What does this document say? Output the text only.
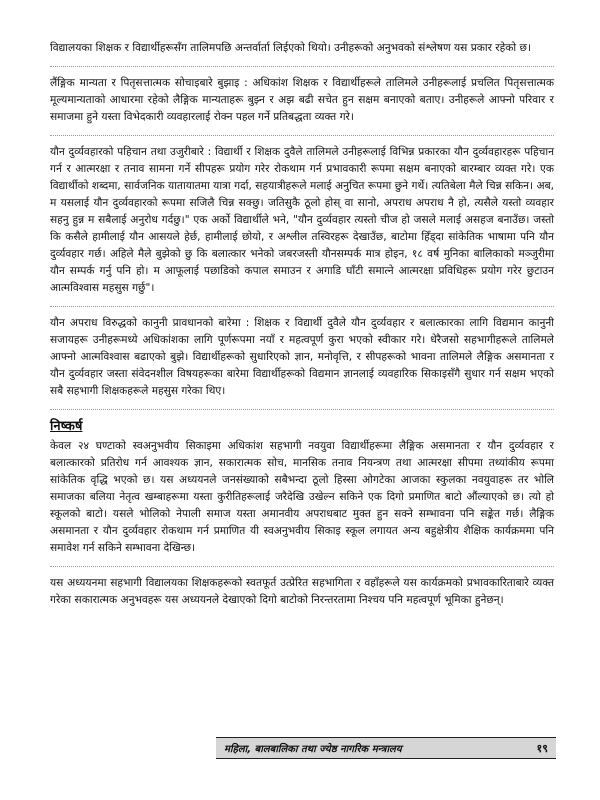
विद्यालयका शिक्षक र विद्यार्थीहरूसँग तालिमपछि अन्तर्वार्ता लिईएको थियो। उनीहरूको अनुभवको संश्लेषण यस प्रकार रहेको छ।

लैंङ्गिक मान्यता र पितृसत्तात्मक सोचाइबारे बुझाइ : अधिकांश शिक्षक र विद्यार्थीहरूले तालिमले उनीहरूलाई प्रचलित पितृसत्तात्मक मूल्यमान्यताको आधारमा रहेको लैङ्गिक मान्यताहरू बुझ्न र अझ बढी सचेत हुन सक्षम बनाएको बताए। उनीहरूले आफ्नो परिवार र समाजमा हुने यस्ता विभेदकारी व्यवहारलाई रोक्न पहल गर्ने प्रतिबद्धता व्यक्त गरे।

यौन दुर्व्यवहारको पहिचान तथा उजुरीबारे : विद्यार्थी र शिक्षक दुवैले तालिमले उनीहरूलाई विभिन्न प्रकारका यौन दुर्व्यवहारहरू पहिचान गर्न र आत्मरक्षा र तनाव सामना गर्ने सीपहरू प्रयोग गरेर रोकथाम गर्न प्रभावकारी रूपमा सक्षम बनाएको बारम्बार व्यक्त गरे। एक विद्यार्थीको शब्दमा, सार्वजनिक यातायातमा यात्रा गर्दा, सहयात्रीहरूले मलाई अनुचित रूपमा छुने गर्थे। त्यतिबेला मैले चिन्न सकिन। अब, म यसलाई यौन दुर्व्यवहारको रूपमा सजिलै चिन्न सक्छु। जतिसुकै ठूलो होस् वा सानो, अपराध अपराध नै हो, त्यसैले यस्तो व्यवहार सहनु हुन्न म सबैलाई अनुरोध गर्दछु।" एक अर्को विद्यार्थीले भने, "यौन दुर्व्यवहार त्यस्तो चीज हो जसले मलाई असहज बनाउँछ। जस्तो कि कसैले हामीलाई यौन आसयले हेर्छ, हामीलाई छोयो, र अश्लील तस्विरहरू देखाउँछ, बाटोमा हिँड्दा सांकेतिक भाषामा पनि यौन दुर्व्यवहार गर्छ। अहिले मैले बुझेको छु कि बलात्कार भनेको जबरजस्ती यौनसम्पर्क मात्र होइन, १८ वर्ष मुनिका बालिकाको मञ्जुरीमा यौन सम्पर्क गर्नु पनि हो। म आफूलाई पछाडिको कपाल समाउन र अगाडि घाँटी समात्ने आत्मरक्षा प्रविधिहरू प्रयोग गरेर छुटाउन आत्मविश्वास महसुस गर्छु"।

यौन अपराध विरुद्धको कानुनी प्रावधानको बारेमा : शिक्षक र विद्यार्थी दुवैले यौन दुर्व्यवहार र बलात्कारका लागि विद्यमान कानुनी सजायहरू उनीहरूमध्ये अधिकांशका लागि पूर्णरूपमा नयाँ र महत्वपूर्ण कुरा भएको स्वीकार गरे। धेरैजसो सहभागीहरूले तालिमले आफ्नो आत्मविश्वास बढाएको बुझे। विद्यार्थीहरूको सुधारिएको ज्ञान, मनोवृत्ति, र सीपहरूको भावना तालिमले लैङ्गिक असमानता र यौन दुर्व्यवहार जस्ता संवेदनशील विषयहरूका बारेमा विद्यार्थीहरूको विद्यमान ज्ञानलाई व्यवहारिक सिकाइसँगै सुधार गर्न सक्षम भएको सबै सहभागी शिक्षकहरूले महसुस गरेका थिए।

निष्कर्ष

केवल २४ घण्टाको स्वअनुभवीय सिकाइमा अधिकांश सहभागी नवयुवा विद्यार्थीहरूमा लैङ्गिक असमानता र यौन दुर्व्यवहार र बलात्कारको प्रतिरोध गर्न आवश्यक ज्ञान, सकारात्मक सोच, मानसिक तनाव नियन्त्रण तथा आत्मरक्षा सीपमा तथ्यांकीय रूपमा सांकेतिक वृद्धि भएको छ। यस अध्ययनले जनसंख्याको सबैभन्दा ठूलो हिस्सा ओगटेका आजका स्कुलका नवयुवाहरू तर भोलि समाजका बलिया नेतृत्व खम्बाहरूमा यस्ता कुरीतिहरूलाई जरैदेखि उखेल्न सकिने एक दिगो प्रमाणित बाटो औंल्याएको छ। त्यो हो स्कूलको बाटो। यसले भोलिको नेपाली समाज यस्ता अमानवीय अपराधबाट मुक्त हुन सक्ने सम्भावना पनि सङ्केत गर्छ। लैङ्गिक असमानता र यौन दुर्व्यवहार रोकथाम गर्न प्रमाणित यी स्वअनुभवीय सिकाइ स्कूल लगायत अन्य बहुक्षेत्रीय शैक्षिक कार्यक्रममा पनि समावेश गर्न सकिने सम्भावना देखिन्छ।

यस अध्ययनमा सहभागी विद्यालयका शिक्षकहरूको स्वतफूर्त उत्प्रेरित सहभागिता र वहाँहरूले यस कार्यक्रमको प्रभावकारिताबारे व्यक्त गरेका सकारात्मक अनुभवहरू यस अध्ययनले देखाएको दिगो बाटोको निरन्तरतामा निश्चय पनि महत्वपूर्ण भूमिका हुनेछन्।

महिला, बालबालिका तथा ज्येष्ठ नागरिक मन्त्रालय	१९
